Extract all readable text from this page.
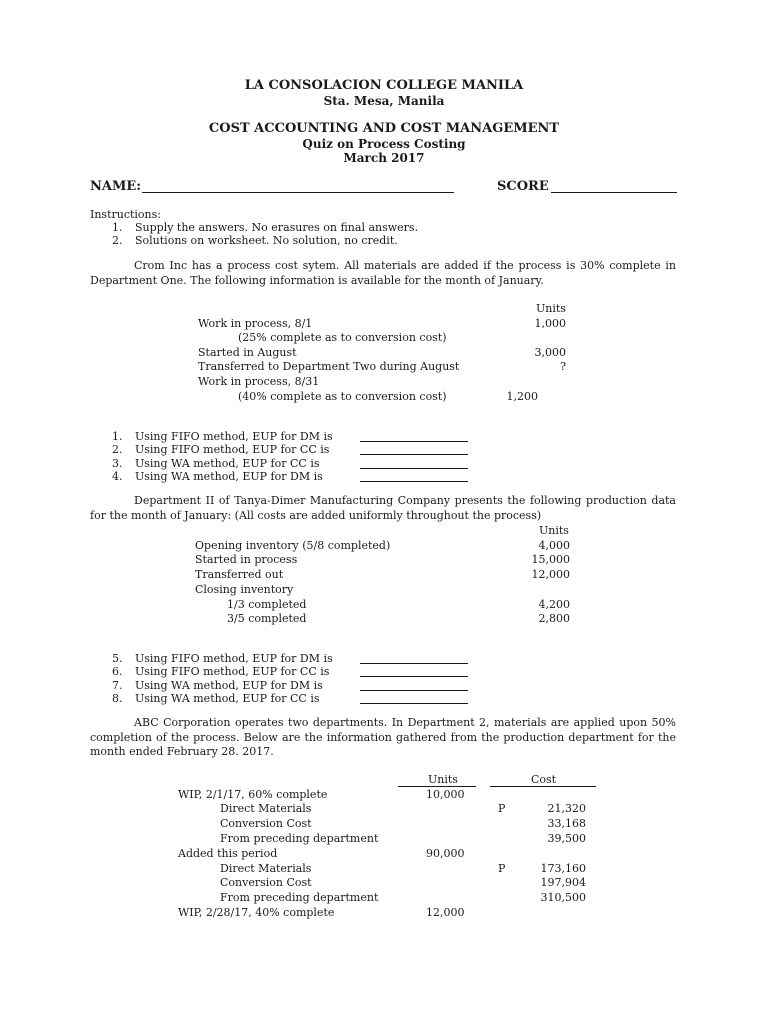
LA CONSOLACION COLLEGE MANILA
Sta. Mesa, Manila
COST ACCOUNTING AND COST MANAGEMENT
Quiz on Process Costing
March 2017
NAME:	SCORE
Instructions:
1. Supply the answers. No erasures on final answers.
2. Solutions on worksheet. No solution, no credit.
Crom Inc has a process cost sytem. All materials are added if the process is 30% complete in Department One. The following information is available for the month of January.
Units
Work in process, 8/1	1,000
(25% complete as to conversion cost)
Started in August	3,000
Transferred to Department Two during August	?
Work in process, 8/31
(40% complete as to conversion cost)	1,200
1. Using FIFO method, EUP for DM is
2. Using FIFO method, EUP for CC is
3. Using WA method, EUP for CC is
4. Using WA method, EUP for DM is
Department II of Tanya-Dimer Manufacturing Company presents the following production data for the month of January: (All costs are added uniformly throughout the process)
Units
Opening inventory (5/8 completed)	4,000
Started in process	15,000
Transferred out	12,000
Closing inventory
1/3 completed	4,200
3/5 completed	2,800
5. Using FIFO method, EUP for DM is
6. Using FIFO method, EUP for CC is
7. Using WA method, EUP for DM is
8. Using WA method, EUP for CC is
ABC Corporation operates two departments. In Department 2, materials are applied upon 50% completion of the process. Below are the information gathered from the production department for the month ended February 28. 2017.
Units	Cost
WIP, 2/1/17, 60% complete	10,000
Direct Materials	P	21,320
Conversion Cost	33,168
From preceding department	39,500
Added this period	90,000
Direct Materials	P	173,160
Conversion Cost	197,904
From preceding department	310,500
WIP, 2/28/17, 40% complete	12,000
